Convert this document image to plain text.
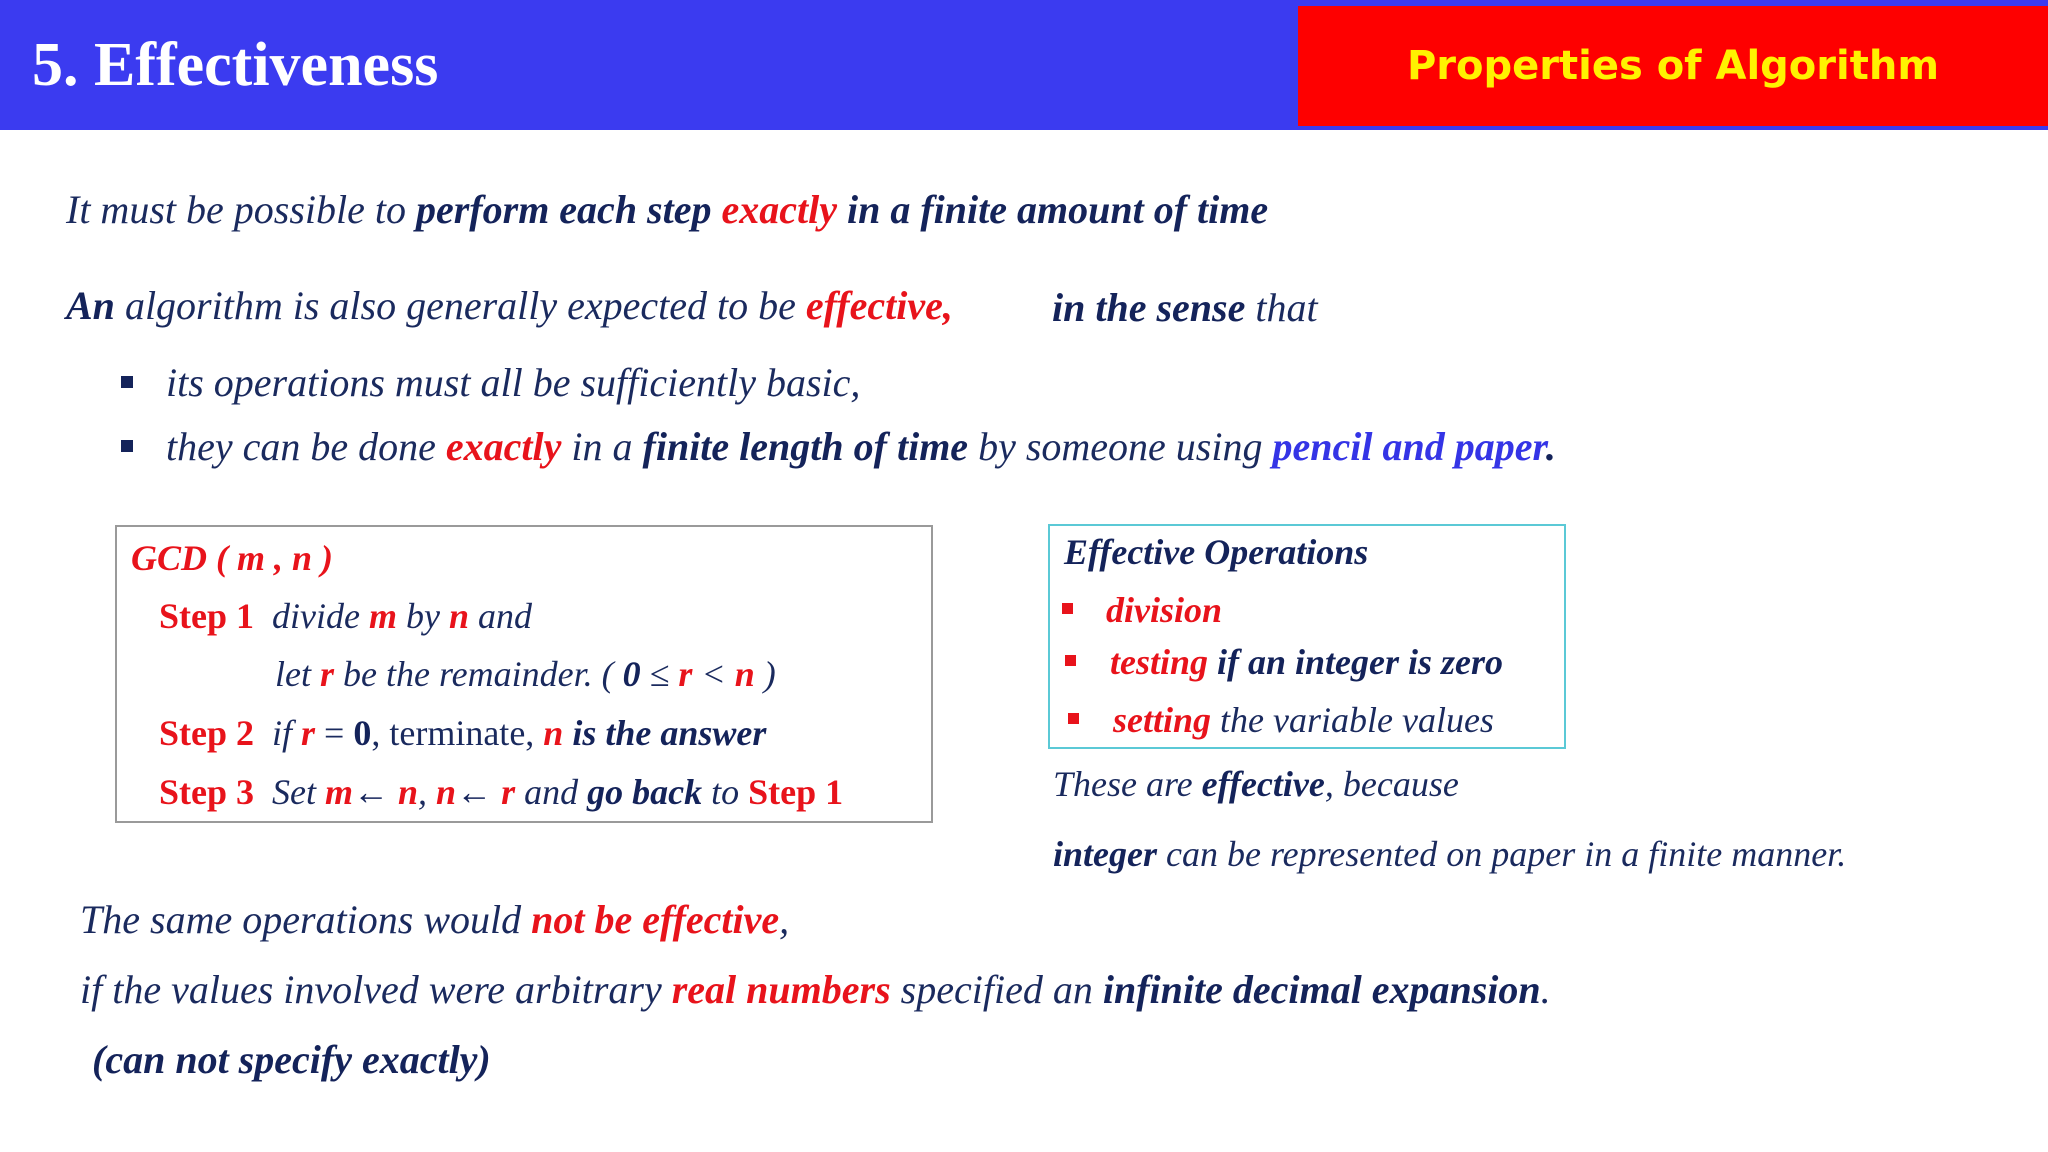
5. Effectiveness	Properties of Algorithm
It must be possible to perform each step exactly in a finite amount of time
An algorithm is also generally expected to be effective, in the sense that
its operations must all be sufficiently basic,
they can be done exactly in a finite length of time by someone using pencil and paper.
GCD ( m , n )
Step 1 divide m by n and
let r be the remainder. ( 0 ≤ r < n )
Step 2 if r = 0, terminate, n is the answer
Step 3 Set m← n, n← r and go back to Step 1
Effective Operations
division
testing if an integer is zero
setting the variable values
These are effective, because
integer can be represented on paper in a finite manner.
The same operations would not be effective,
if the values involved were arbitrary real numbers specified an infinite decimal expansion.
(can not specify exactly)
